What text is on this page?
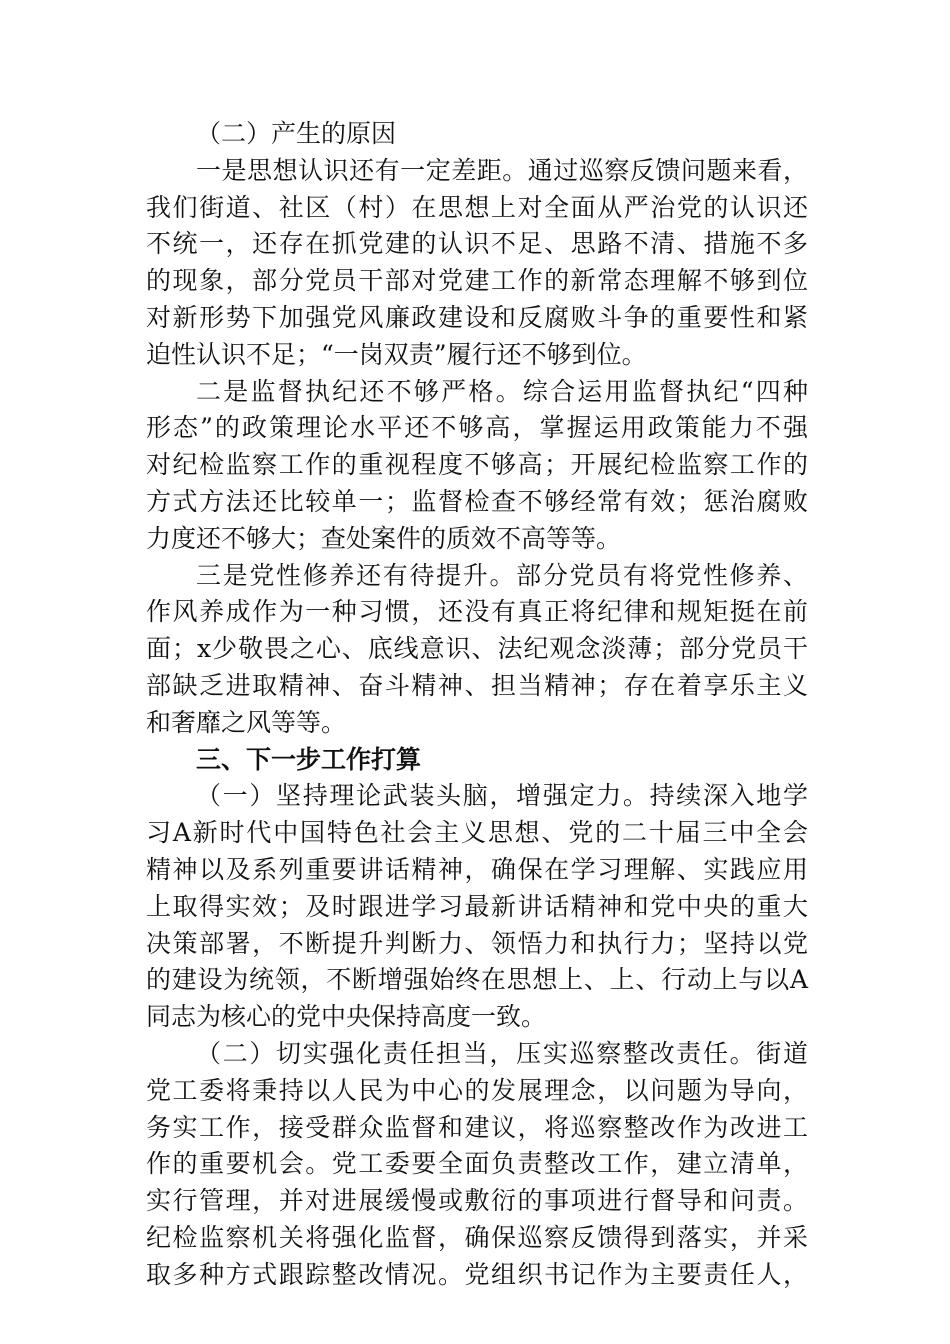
（二）产生的原因
一是思想认识还有一定差距。通过巡察反馈问题来看，
我们街道、社区（村）在思想上对全面从严治党的认识还
不统一，还存在抓党建的认识不足、思路不清、措施不多
的现象，部分党员干部对党建工作的新常态理解不够到位
对新形势下加强党风廉政建设和反腐败斗争的重要性和紧
迫性认识不足；“一岗双责”履行还不够到位。
二是监督执纪还不够严格。综合运用监督执纪“四种
形态”的政策理论水平还不够高，掌握运用政策能力不强
对纪检监察工作的重视程度不够高；开展纪检监察工作的
方式方法还比较单一；监督检查不够经常有效；惩治腐败
力度还不够大；查处案件的质效不高等等。
三是党性修养还有待提升。部分党员有将党性修养、
作风养成作为一种习惯，还没有真正将纪律和规矩挺在前
面；x少敬畏之心、底线意识、法纪观念淡薄；部分党员干
部缺乏进取精神、奋斗精神、担当精神；存在着享乐主义
和奢靡之风等等。
三、下一步工作打算
（一）坚持理论武装头脑，增强定力。持续深入地学
习A新时代中国特色社会主义思想、党的二十届三中全会
精神以及系列重要讲话精神，确保在学习理解、实践应用
上取得实效；及时跟进学习最新讲话精神和党中央的重大
决策部署，不断提升判断力、领悟力和执行力；坚持以党
的建设为统领，不断增强始终在思想上、上、行动上与以A
同志为核心的党中央保持高度一致。
（二）切实强化责任担当，压实巡察整改责任。街道
党工委将秉持以人民为中心的发展理念，以问题为导向，
务实工作，接受群众监督和建议，将巡察整改作为改进工
作的重要机会。党工委要全面负责整改工作，建立清单，
实行管理，并对进展缓慢或敷衍的事项进行督导和问责。
纪检监察机关将强化监督，确保巡察反馈得到落实，并采
取多种方式跟踪整改情况。党组织书记作为主要责任人，
